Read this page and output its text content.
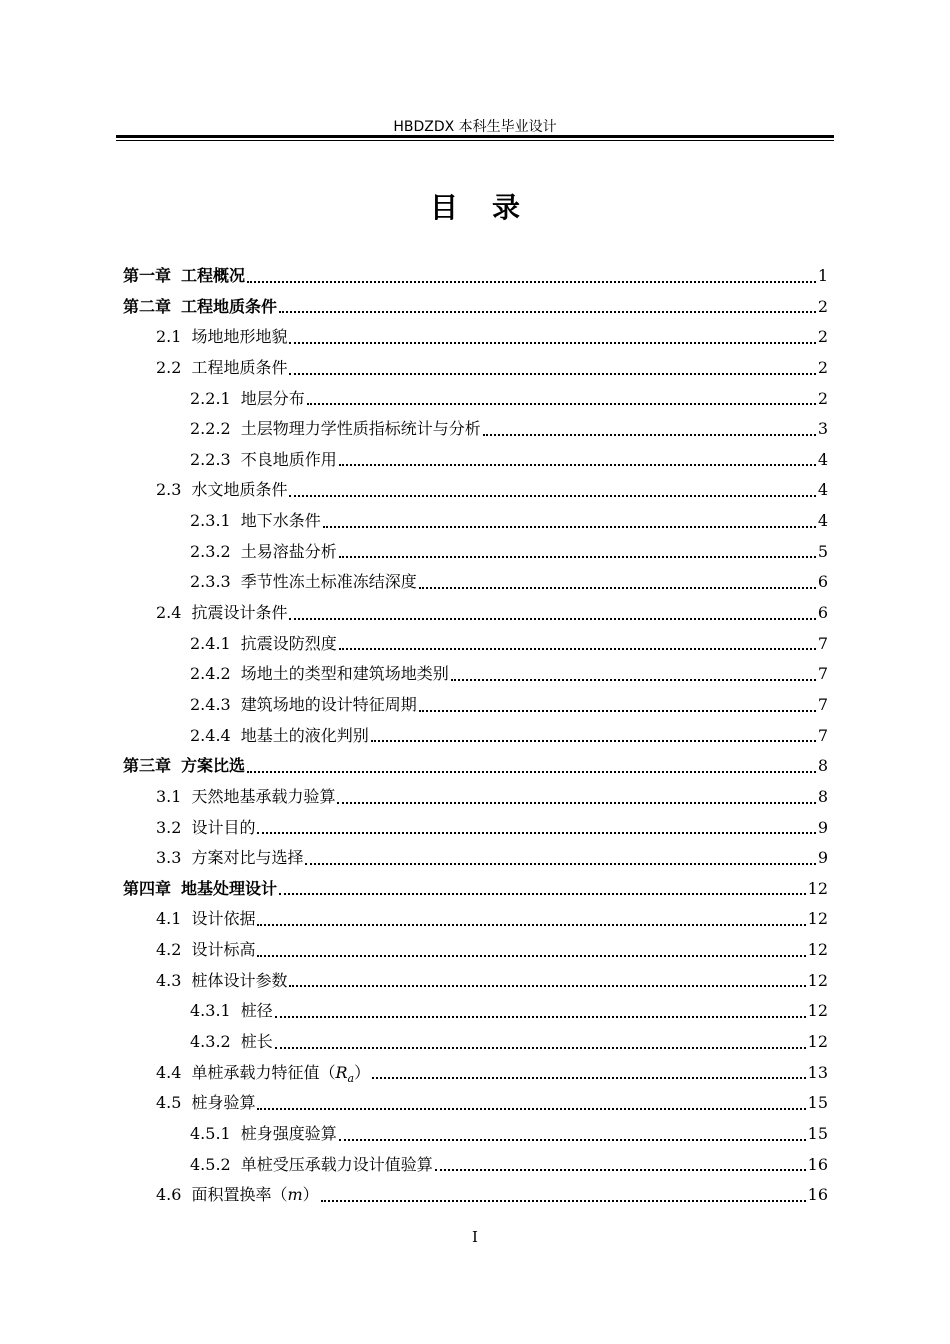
HBDZDX 本科生毕业设计
目录
第一章 工程概况	1
第二章 工程地质条件	2
2.1 场地地形地貌	2
2.2 工程地质条件	2
2.2.1 地层分布	2
2.2.2 土层物理力学性质指标统计与分析	3
2.2.3 不良地质作用	4
2.3 水文地质条件	4
2.3.1 地下水条件	4
2.3.2 土易溶盐分析	5
2.3.3 季节性冻土标准冻结深度	6
2.4 抗震设计条件	6
2.4.1 抗震设防烈度	7
2.4.2 场地土的类型和建筑场地类别	7
2.4.3 建筑场地的设计特征周期	7
2.4.4 地基土的液化判别	7
第三章 方案比选	8
3.1 天然地基承载力验算	8
3.2 设计目的	9
3.3 方案对比与选择	9
第四章 地基处理设计	12
4.1 设计依据	12
4.2 设计标高	12
4.3 桩体设计参数	12
4.3.1 桩径	12
4.3.2 桩长	12
4.4 单桩承载力特征值$(R_a)$	13
4.5 桩身验算	15
4.5.1 桩身强度验算	15
4.5.2 单桩受压承载力设计值验算	16
4.6 面积置换率（m）	16
I
